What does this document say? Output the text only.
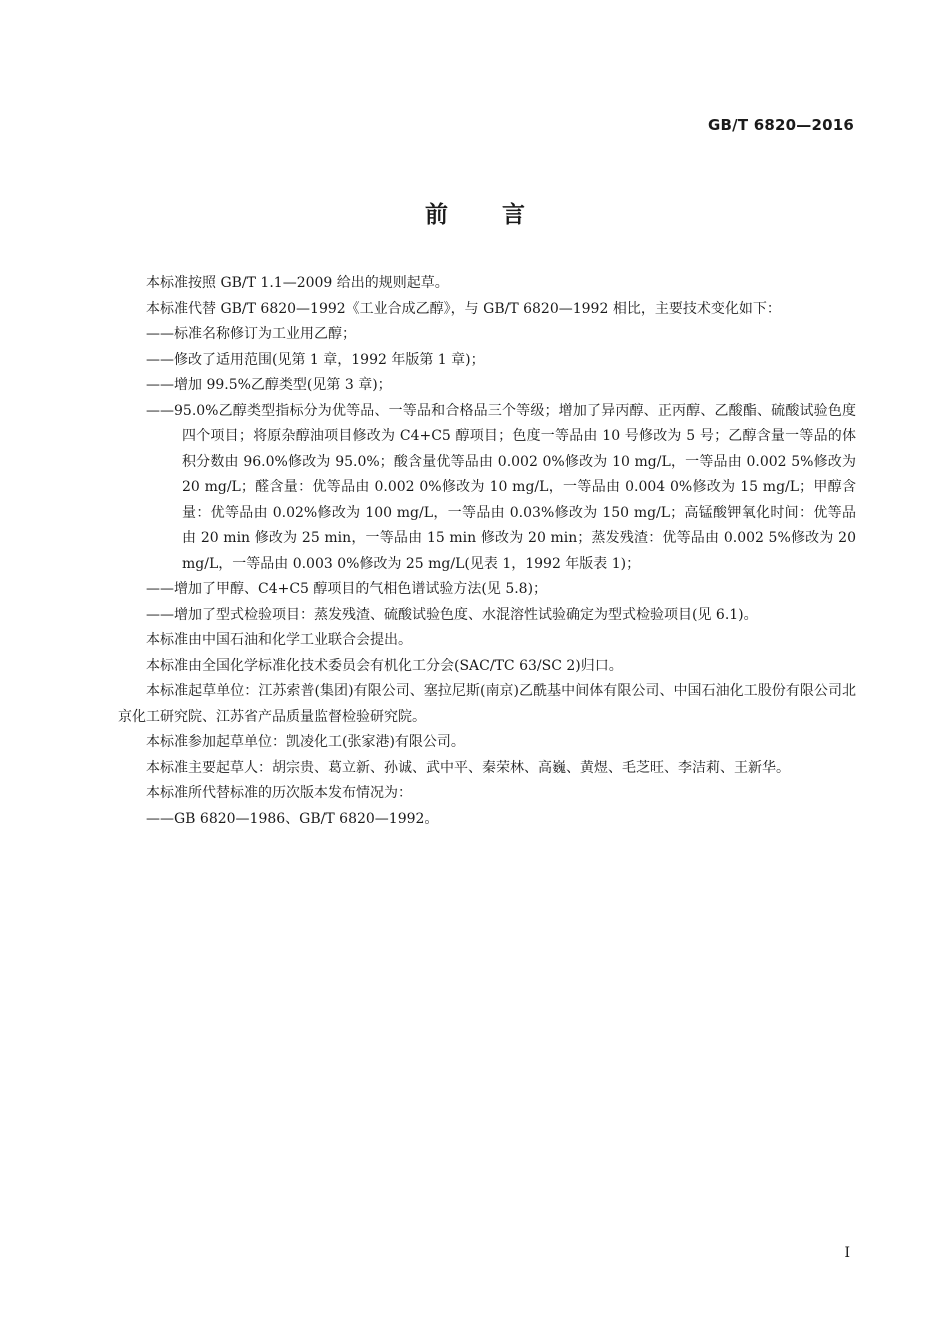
GB/T 6820—2016
前 言

本标准按照 GB/T 1.1—2009 给出的规则起草。

本标准代替 GB/T 6820—1992《工业合成乙醇》，与 GB/T 6820—1992 相比，主要技术变化如下：

——标准名称修订为工业用乙醇；

——修改了适用范围(见第 1 章，1992 年版第 1 章)；

——增加 99.5%乙醇类型(见第 3 章)；

——95.0%乙醇类型指标分为优等品、一等品和合格品三个等级；增加了异丙醇、正丙醇、乙酸酯、硫酸试验色度四个项目；将原杂醇油项目修改为 C4+C5 醇项目；色度一等品由 10 号修改为 5 号；乙醇含量一等品的体积分数由 96.0%修改为 95.0%；酸含量优等品由 0.002 0%修改为 10 mg/L，一等品由 0.002 5%修改为 20 mg/L；醛含量：优等品由 0.002 0%修改为 10 mg/L，一等品由 0.004 0%修改为 15 mg/L；甲醇含量：优等品由 0.02%修改为 100 mg/L，一等品由 0.03%修改为 150 mg/L；高锰酸钾氧化时间：优等品由 20 min 修改为 25 min，一等品由 15 min 修改为 20 min；蒸发残渣：优等品由 0.002 5%修改为 20 mg/L，一等品由 0.003 0%修改为 25 mg/L(见表 1，1992 年版表 1)；

——增加了甲醇、C4+C5 醇项目的气相色谱试验方法(见 5.8)；

——增加了型式检验项目：蒸发残渣、硫酸试验色度、水混溶性试验确定为型式检验项目(见 6.1)。

本标准由中国石油和化学工业联合会提出。

本标准由全国化学标准化技术委员会有机化工分会(SAC/TC 63/SC 2)归口。

本标准起草单位：江苏索普(集团)有限公司、塞拉尼斯(南京)乙酰基中间体有限公司、中国石油化工股份有限公司北京化工研究院、江苏省产品质量监督检验研究院。

本标准参加起草单位：凯凌化工(张家港)有限公司。

本标准主要起草人：胡宗贵、葛立新、孙诚、武中平、秦荣林、高巍、黄煜、毛芝旺、李洁莉、王新华。

本标准所代替标准的历次版本发布情况为：

——GB 6820—1986、GB/T 6820—1992。

I
